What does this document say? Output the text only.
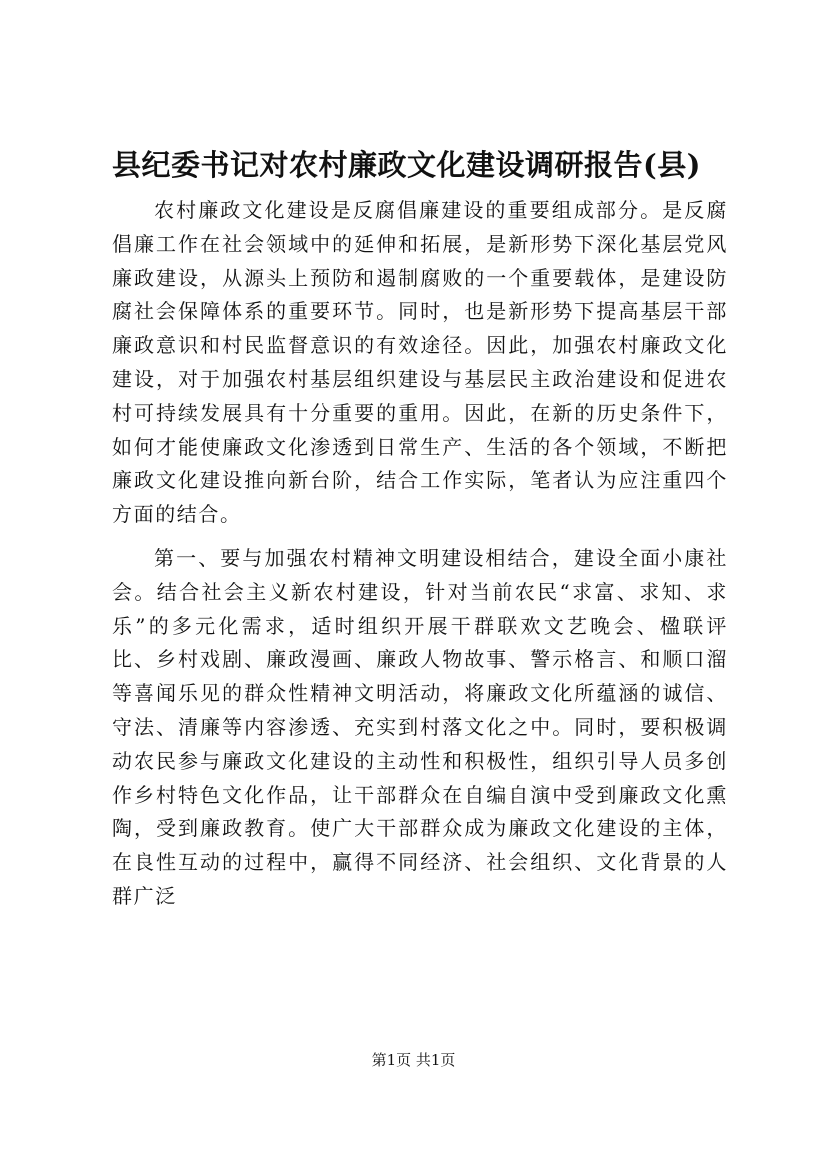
县纪委书记对农村廉政文化建设调研报告(县)

农村廉政文化建设是反腐倡廉建设的重要组成部分。是反腐倡廉工作在社会领域中的延伸和拓展，是新形势下深化基层党风廉政建设，从源头上预防和遏制腐败的一个重要载体，是建设防腐社会保障体系的重要环节。同时，也是新形势下提高基层干部廉政意识和村民监督意识的有效途径。因此，加强农村廉政文化建设，对于加强农村基层组织建设与基层民主政治建设和促进农村可持续发展具有十分重要的重用。因此，在新的历史条件下，如何才能使廉政文化渗透到日常生产、生活的各个领域，不断把廉政文化建设推向新台阶，结合工作实际，笔者认为应注重四个方面的结合。

第一、要与加强农村精神文明建设相结合，建设全面小康社会。结合社会主义新农村建设，针对当前农民“求富、求知、求乐”的多元化需求，适时组织开展干群联欢文艺晚会、楹联评比、乡村戏剧、廉政漫画、廉政人物故事、警示格言、和顺口溜等喜闻乐见的群众性精神文明活动，将廉政文化所蕴涵的诚信、守法、清廉等内容渗透、充实到村落文化之中。同时，要积极调动农民参与廉政文化建设的主动性和积极性，组织引导人员多创作乡村特色文化作品，让干部群众在自编自演中受到廉政文化熏陶，受到廉政教育。使广大干部群众成为廉政文化建设的主体，在良性互动的过程中，赢得不同经济、社会组织、文化背景的人群广泛

第1页 共1页
